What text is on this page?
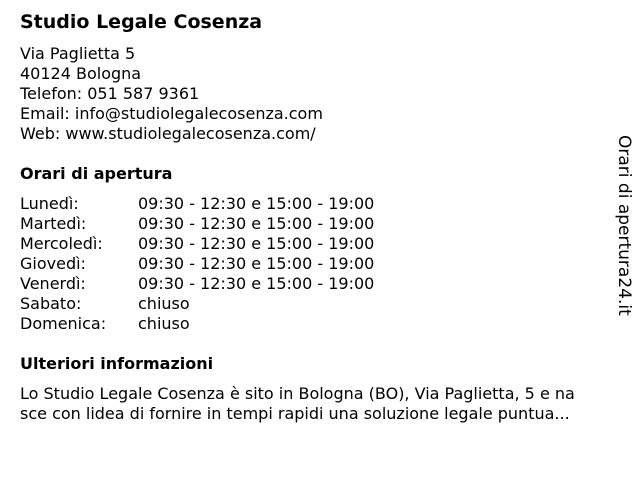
Studio Legale Cosenza
Via Paglietta 5
40124 Bologna
Telefon: 051 587 9361
Email: info@studiolegalecosenza.com
Web: www.studiolegalecosenza.com/
Orari di apertura
Lunedì:	09:30 - 12:30 e 15:00 - 19:00
Martedì:	09:30 - 12:30 e 15:00 - 19:00
Mercoledì: 09:30 - 12:30 e 15:00 - 19:00
Giovedì:	09:30 - 12:30 e 15:00 - 19:00
Venerdì:	09:30 - 12:30 e 15:00 - 19:00
Sabato:	chiuso
Domenica: chiuso
Ulteriori informazioni
Lo Studio Legale Cosenza è sito in Bologna (BO), Via Paglietta, 5 e na
sce con lidea di fornire in tempi rapidi una soluzione legale puntua...
Orari di apertura24.it
